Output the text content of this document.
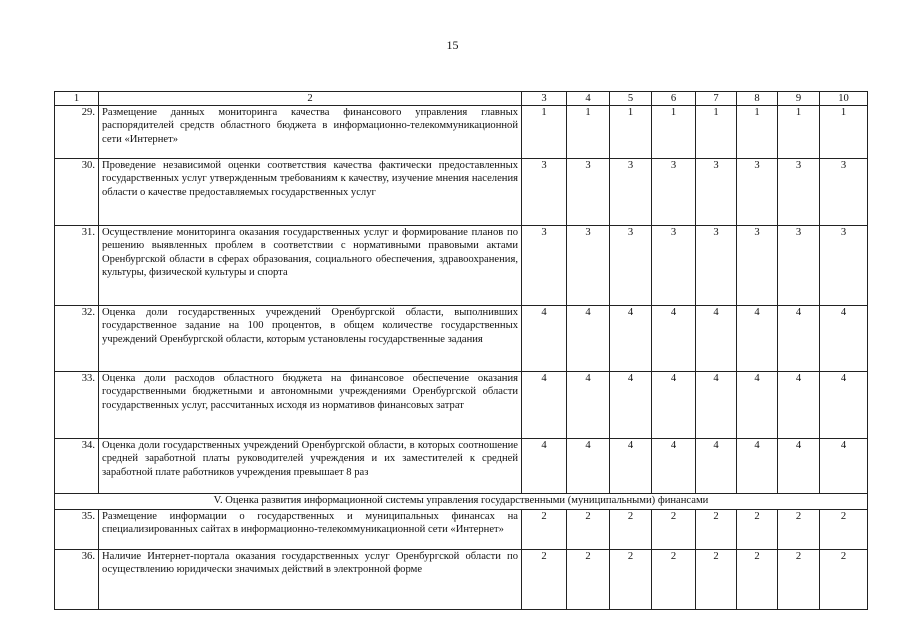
15
1	2	3	4	5	6	7	8	9	10
29.	Размещение данных мониторинга качества финансового управления главных распорядителей средств областного бюджета в информационно-телекоммуникационной сети «Интернет»	1	1	1	1	1	1	1	1
30.	Проведение независимой оценки соответствия качества фактически предоставленных государственных услуг утвержденным требованиям к качеству, изучение мнения населения области о качестве предоставляемых государственных услуг	3	3	3	3	3	3	3	3
31.	Осуществление мониторинга оказания государственных услуг и формирование планов по решению выявленных проблем в соответствии с нормативными правовыми актами Оренбургской области в сферах образования, социального обеспечения, здравоохранения, культуры, физической культуры и спорта	3	3	3	3	3	3	3	3
32.	Оценка доли государственных учреждений Оренбургской области, выполнивших государственное задание на 100 процентов, в общем количестве государственных учреждений Оренбургской области, которым установлены государственные задания	4	4	4	4	4	4	4	4
33.	Оценка доли расходов областного бюджета на финансовое обеспечение оказания государственными бюджетными и автономными учреждениями Оренбургской области государственных услуг, рассчитанных исходя из нормативов финансовых затрат	4	4	4	4	4	4	4	4
34.	Оценка доли государственных учреждений Оренбургской области, в которых соотношение средней заработной платы руководителей учреждения и их заместителей к средней заработной плате работников учреждения превышает 8 раз	4	4	4	4	4	4	4	4
V. Оценка развития информационной системы управления государственными (муниципальными) финансами									
35.	Размещение информации о государственных и муниципальных финансах на специализированных сайтах в информационно-телекоммуникационной сети «Интернет»	2	2	2	2	2	2	2	2
36.	Наличие Интернет-портала оказания государственных услуг Оренбургской области по осуществлению юридически значимых действий в электронной форме	2	2	2	2	2	2	2	2
